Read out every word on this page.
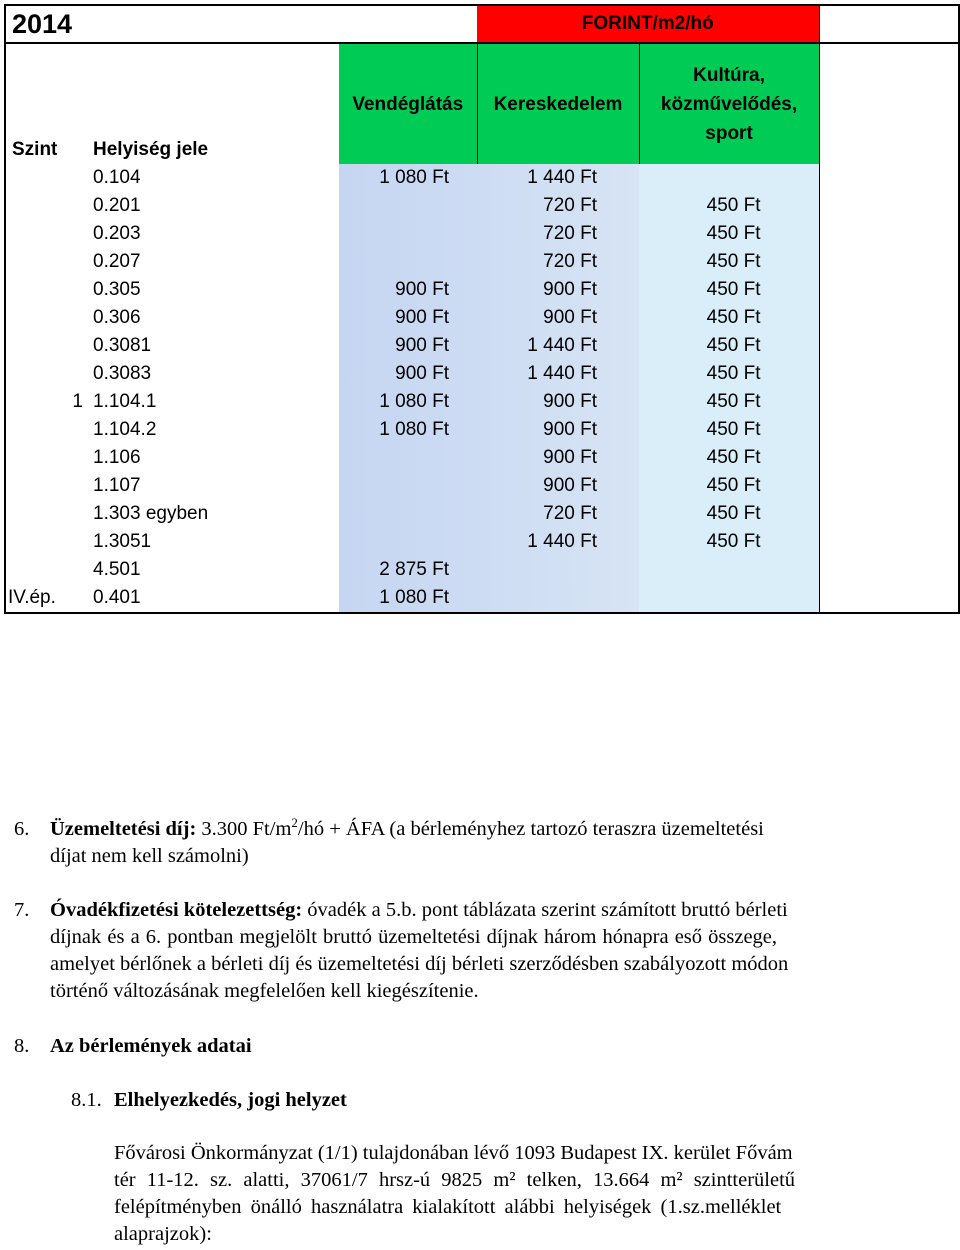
2014			FORINT/m2/hó		
Szint	Helyiség jele	Vendéglátás	Kereskedelem	Kultúra, közművelődés, sport	
	0.104	1 080 Ft	1 440 Ft		
	0.201		720 Ft	450 Ft	
	0.203		720 Ft	450 Ft	
	0.207		720 Ft	450 Ft	
	0.305	900 Ft	900 Ft	450 Ft	
	0.306	900 Ft	900 Ft	450 Ft	
	0.3081	900 Ft	1 440 Ft	450 Ft	
	0.3083	900 Ft	1 440 Ft	450 Ft	
1	1.104.1	1 080 Ft	900 Ft	450 Ft	
	1.104.2	1 080 Ft	900 Ft	450 Ft	
	1.106		900 Ft	450 Ft	
	1.107		900 Ft	450 Ft	
	1.303 egyben		720 Ft	450 Ft	
	1.3051		1 440 Ft	450 Ft	
	4.501	2 875 Ft			
IV.ép.	0.401	1 080 Ft			
6. Üzemeltetési díj: 3.300 $Ft/m^2/hó$ + ÁFA (a bérleményhez tartozó teraszra üzemeltetési
díjat nem kell számolni)
7. Óvadékfizetési kötelezettség: óvadék a 5.b. pont táblázata szerint számított bruttó bérleti
díjnak és a 6. pontban megjelölt bruttó üzemeltetési díjnak három hónapra eső összege,
amelyet bérlőnek a bérleti díj és üzemeltetési díj bérleti szerződésben szabályozott módon
történő változásának megfelelően kell kiegészítenie.
8. Az bérlemények adatai
8.1. Elhelyezkedés, jogi helyzet
Fővárosi Önkormányzat (1/1) tulajdonában lévő 1093 Budapest IX. kerület Fővám
tér 11-12. sz. alatti, 37061/7 hrsz-ú 9825 m² telken, 13.664 m² szintterületű
felépítményben önálló használatra kialakított alábbi helyiségek (1.sz.melléklet
alaprajzok):
